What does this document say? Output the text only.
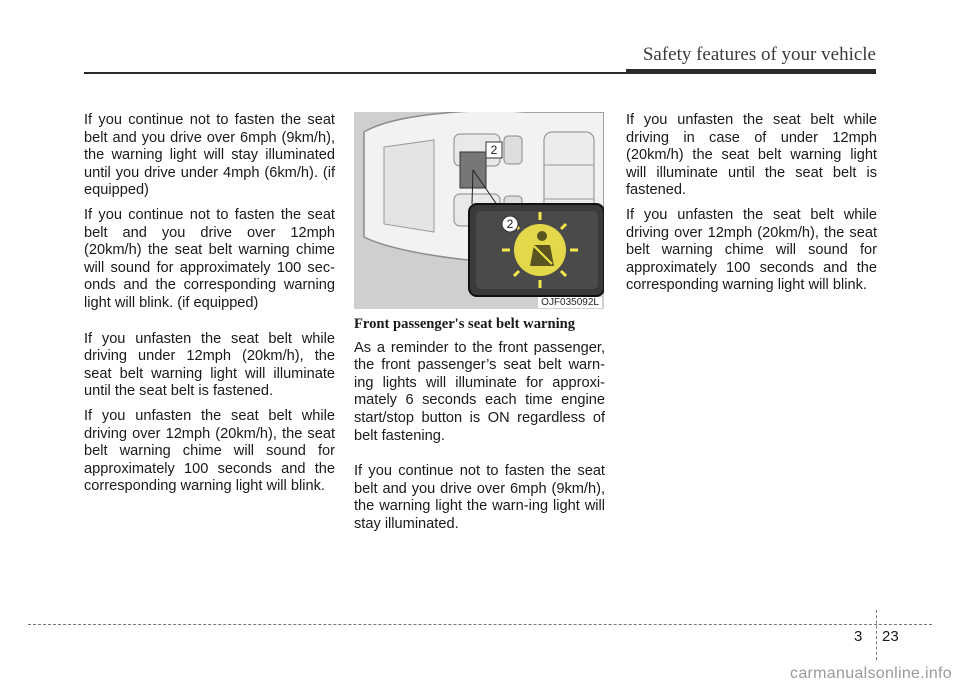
Safety features of your vehicle

If you continue not to fasten the seat belt and you drive over 6mph (9km/h), the warning light will stay illuminated until you drive under 4mph (6km/h). (if equipped)

If you continue not to fasten the seat belt and you drive over 12mph (20km/h) the seat belt warning chime will sound for approximately 100 sec-onds and the corresponding warning light will blink. (if equipped)

If you unfasten the seat belt while driving under 12mph (20km/h), the seat belt warning light will illuminate until the seat belt is fastened.

If you unfasten the seat belt while driving over 12mph (20km/h), the seat belt warning chime will sound for approximately 100 seconds and the corresponding warning light will blink.

2
2
OJF035092L
Front passenger's seat belt warning

As a reminder to the front passenger, the front passenger’s seat belt warn-ing lights will illuminate for approxi-mately 6 seconds each time engine start/stop button is ON regardless of belt fastening.

If you continue not to fasten the seat belt and you drive over 6mph (9km/h), the warning light the warn-ing light will stay illuminated.

If you unfasten the seat belt while driving in case of under 12mph (20km/h) the seat belt warning light will illuminate until the seat belt is fastened.

If you unfasten the seat belt while driving over 12mph (20km/h), the seat belt warning chime will sound for approximately 100 seconds and the corresponding warning light will blink.

3 23
carmanualsonline.info
